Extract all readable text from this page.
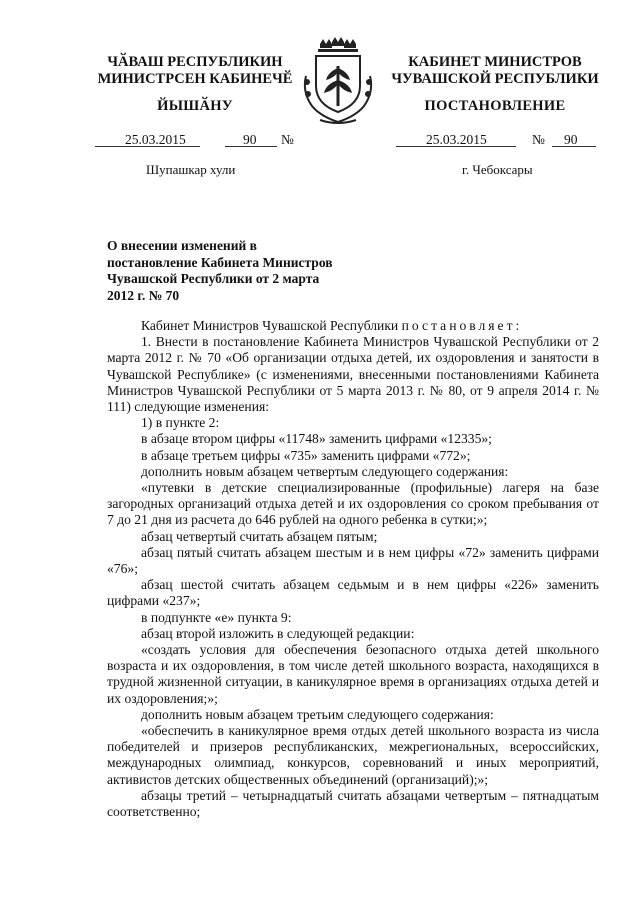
ЧӐВАШ РЕСПУБЛИКИН
МИНИСТРСЕН КАБИНЕЧӖ
КАБИНЕТ МИНИСТРОВ
ЧУВАШСКОЙ РЕСПУБЛИКИ
ЙЫШӐНУ	ПОСТАНОВЛЕНИЕ
25.03.2015	90 №	25.03.2015	№ 90
Шупашкар хули	г. Чебоксары
О внесении изменений в постановление Кабинета Министров Чувашской Республики от 2 марта 2012 г. № 70

Кабинет Министров Чувашской Республики постановляет:

1. Внести в постановление Кабинета Министров Чувашской Республики от 2 марта 2012 г. № 70 «Об организации отдыха детей, их оздоровления и занятости в Чувашской Республике» (с изменениями, внесенными постановлениями Кабинета Министров Чувашской Республики от 5 марта 2013 г. № 80, от 9 апреля 2014 г. № 111) следующие изменения:

1) в пункте 2:

в абзаце втором цифры «11748» заменить цифрами «12335»;

в абзаце третьем цифры «735» заменить цифрами «772»;

дополнить новым абзацем четвертым следующего содержания:

«путевки в детские специализированные (профильные) лагеря на базе загородных организаций отдыха детей и их оздоровления со сроком пребывания от 7 до 21 дня из расчета до 646 рублей на одного ребенка в сутки;»;

абзац четвертый считать абзацем пятым;

абзац пятый считать абзацем шестым и в нем цифры «72» заменить цифрами «76»;

абзац шестой считать абзацем седьмым и в нем цифры «226» заменить цифрами «237»;

в подпункте «е» пункта 9:

абзац второй изложить в следующей редакции:

«создать условия для обеспечения безопасного отдыха детей школьного возраста и их оздоровления, в том числе детей школьного возраста, находящихся в трудной жизненной ситуации, в каникулярное время в организациях отдыха детей и их оздоровления;»;

дополнить новым абзацем третьим следующего содержания:

«обеспечить в каникулярное время отдых детей школьного возраста из числа победителей и призеров республиканских, межрегиональных, всероссийских, международных олимпиад, конкурсов, соревнований и иных мероприятий, активистов детских общественных объединений (организаций);»;

абзацы третий – четырнадцатый считать абзацами четвертым – пятнадцатым соответственно;
